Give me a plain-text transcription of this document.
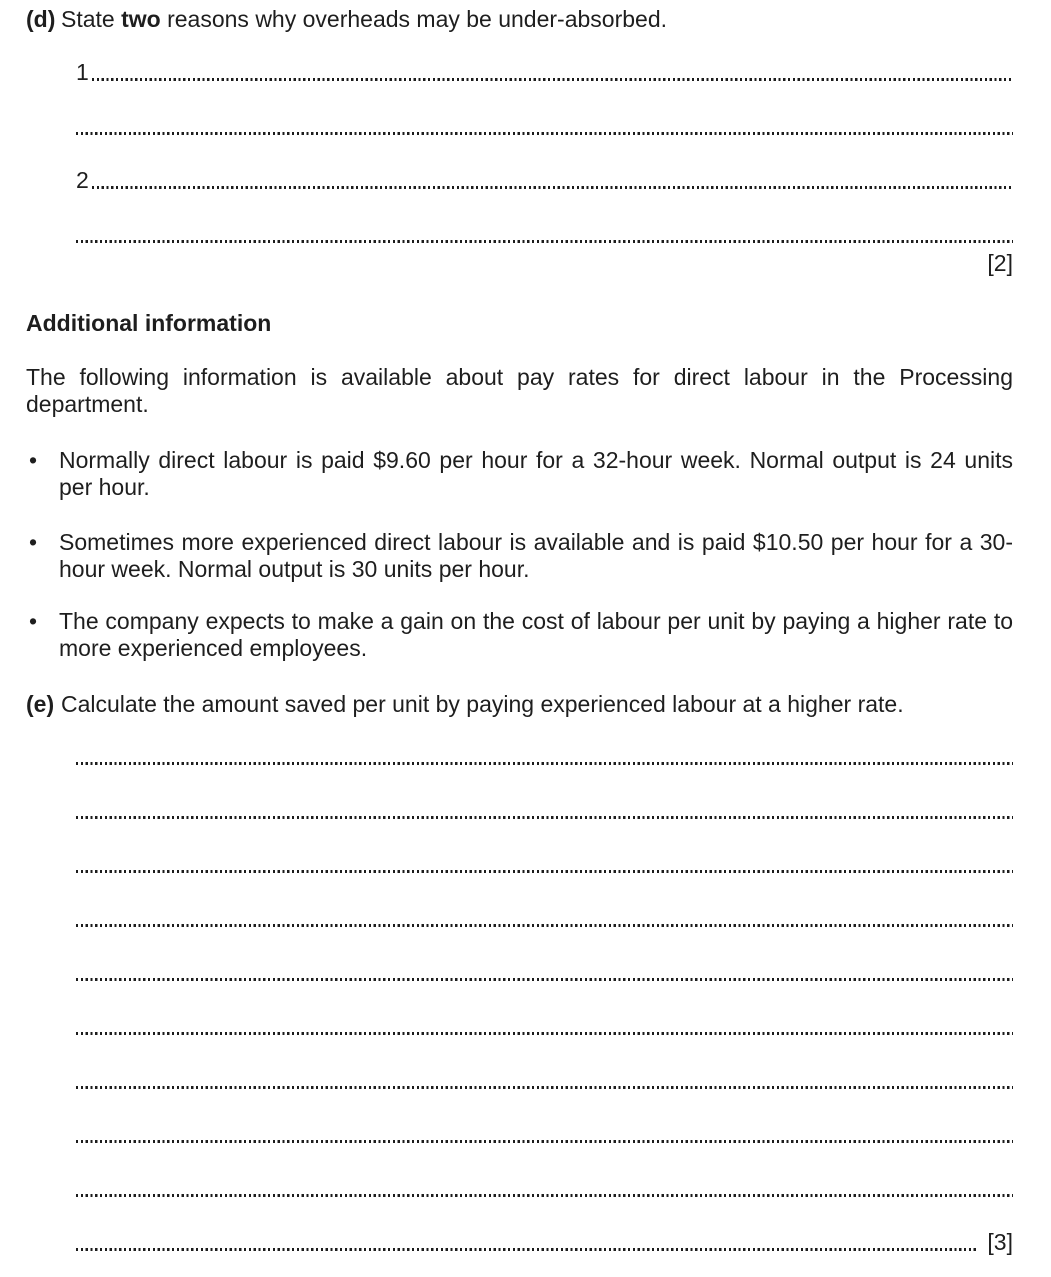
(d) State two reasons why overheads may be under-absorbed.
1
2
[2]
Additional information

The following information is available about pay rates for direct labour in the Processing department.

• Normally direct labour is paid $9.60 per hour for a 32-hour week. Normal output is 24 units per hour.
• Sometimes more experienced direct labour is available and is paid $10.50 per hour for a 30-hour week. Normal output is 30 units per hour.
• The company expects to make a gain on the cost of labour per unit by paying a higher rate to more experienced employees.
(e) Calculate the amount saved per unit by paying experienced labour at a higher rate.
[3]
